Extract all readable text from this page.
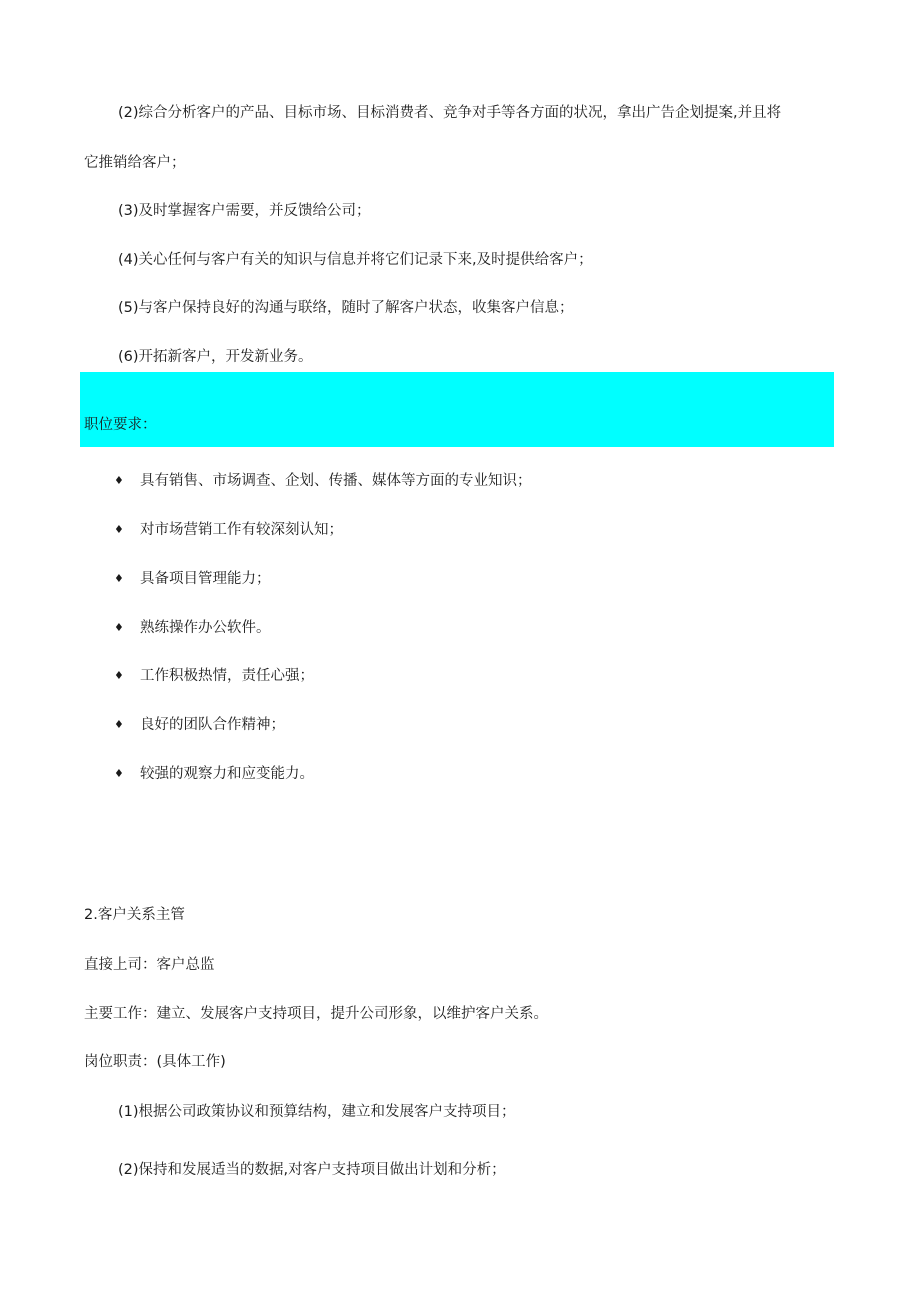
(2)综合分析客户的产品、目标市场、目标消费者、竞争对手等各方面的状况，拿出广告企划提案,并且将
它推销给客户；
(3)及时掌握客户需要，并反馈给公司；
(4)关心任何与客户有关的知识与信息并将它们记录下来,及时提供给客户；
(5)与客户保持良好的沟通与联络，随时了解客户状态，收集客户信息；
(6)开拓新客户，开发新业务。
职位要求：
♦ 具有销售、市场调查、企划、传播、媒体等方面的专业知识；
♦ 对市场营销工作有较深刻认知；
♦ 具备项目管理能力；
♦ 熟练操作办公软件。
♦ 工作积极热情，责任心强；
♦ 良好的团队合作精神；
♦ 较强的观察力和应变能力。
2.客户关系主管
直接上司：客户总监
主要工作：建立、发展客户支持项目，提升公司形象，以维护客户关系。
岗位职责：(具体工作)
(1)根据公司政策协议和预算结构，建立和发展客户支持项目；
(2)保持和发展适当的数据,对客户支持项目做出计划和分析；
